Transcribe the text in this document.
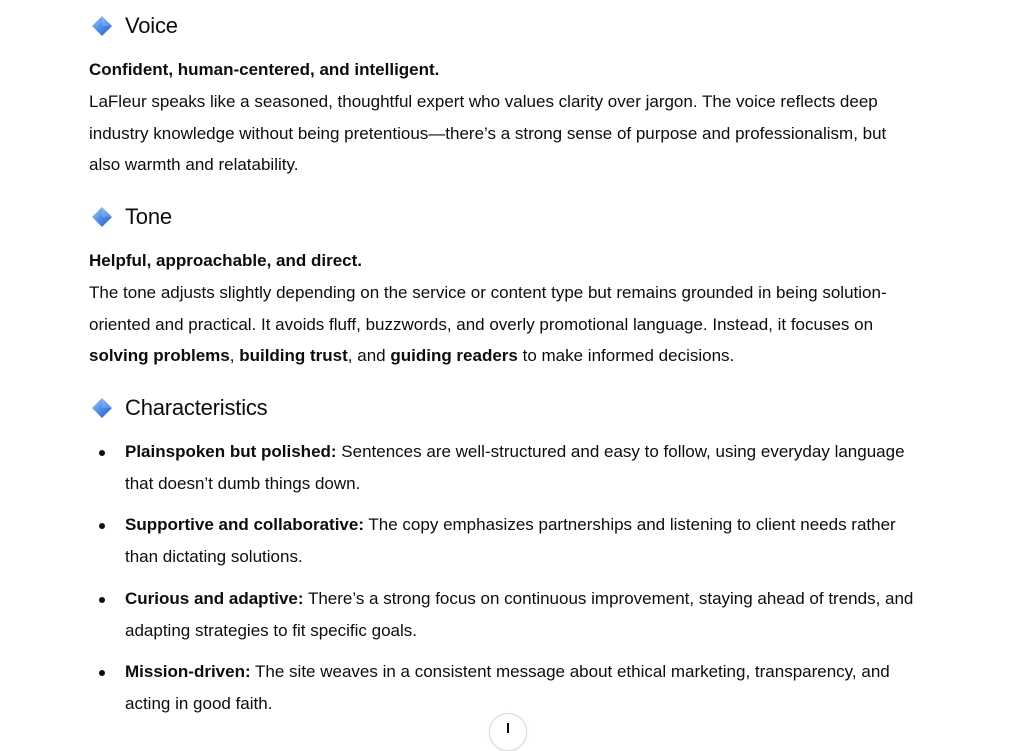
Voice

Confident, human-centered, and intelligent.

LaFleur speaks like a seasoned, thoughtful expert who values clarity over jargon. The voice reflects deep industry knowledge without being pretentious—there’s a strong sense of purpose and professionalism, but also warmth and relatability.

Tone

Helpful, approachable, and direct.

The tone adjusts slightly depending on the service or content type but remains grounded in being solution-oriented and practical. It avoids fluff, buzzwords, and overly promotional language. Instead, it focuses on solving problems, building trust, and guiding readers to make informed decisions.

Characteristics
Plainspoken but polished: Sentences are well-structured and easy to follow, using everyday language that doesn’t dumb things down.
Supportive and collaborative: The copy emphasizes partnerships and listening to client needs rather than dictating solutions.
Curious and adaptive: There’s a strong focus on continuous improvement, staying ahead of trends, and adapting strategies to fit specific goals.
Mission-driven: The site weaves in a consistent message about ethical marketing, transparency, and acting in good faith.
